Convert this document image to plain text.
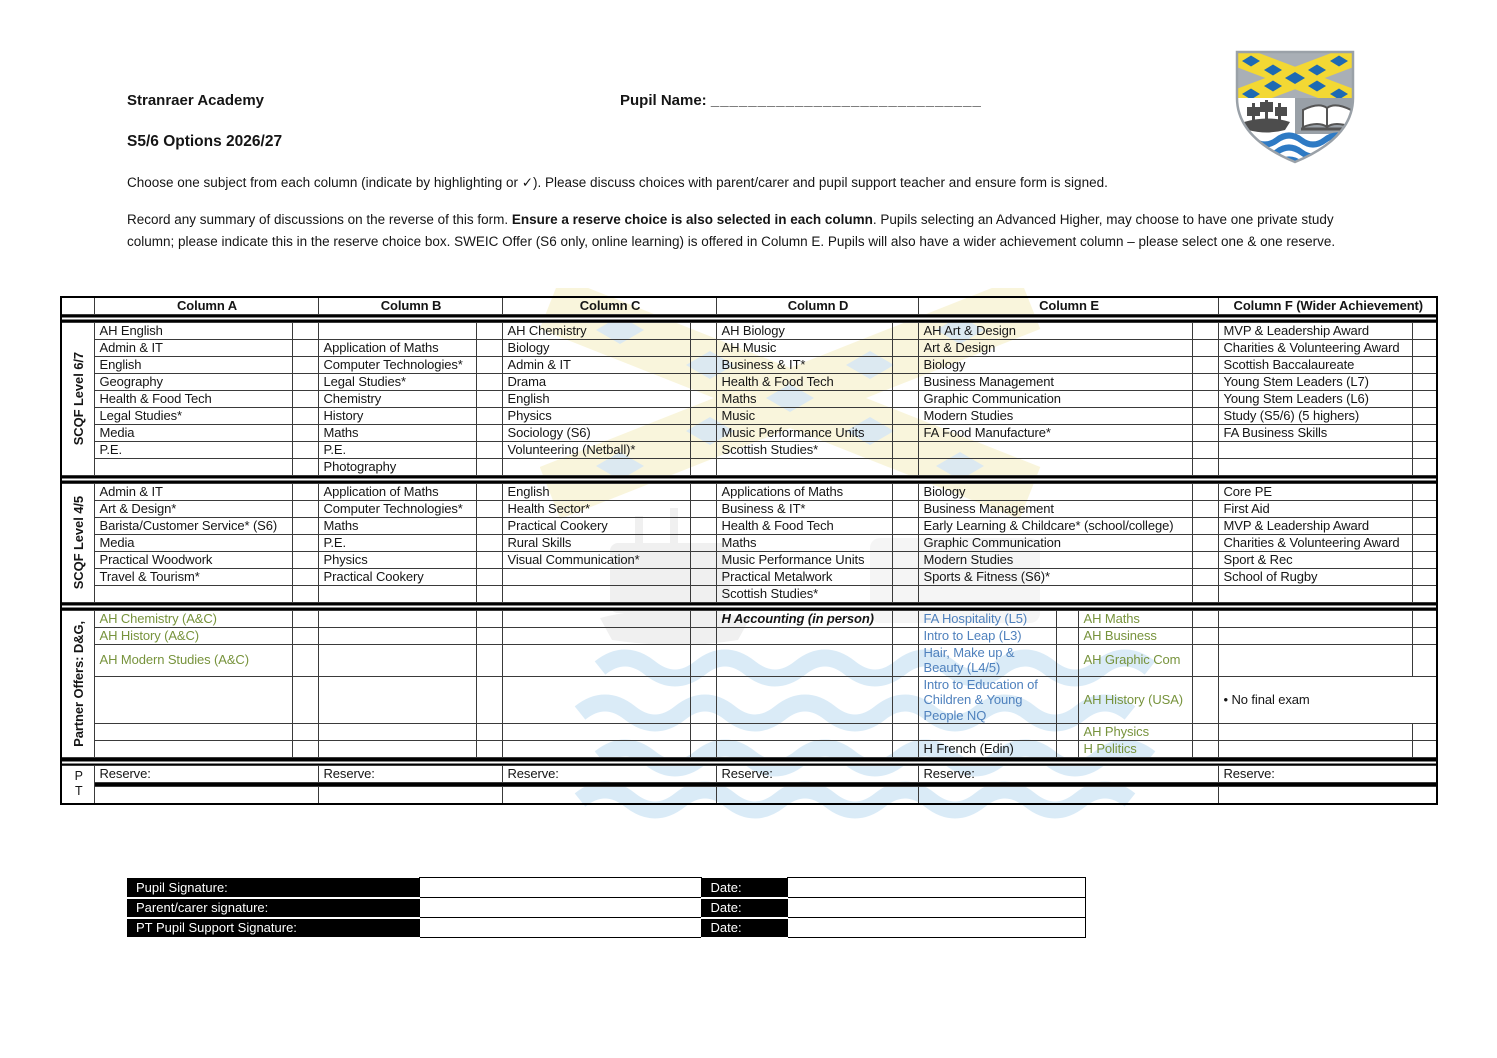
Stranraer Academy	Pupil Name: _____________________________
S5/6 Options 2026/27
Choose one subject from each column (indicate by highlighting or ✓). Please discuss choices with parent/carer and pupil support teacher and ensure form is signed.
Record any summary of discussions on the reverse of this form. Ensure a reserve choice is also selected in each column. Pupils selecting an Advanced Higher, may choose to have one private study column; please indicate this in the reserve choice box. SWEIC Offer (S6 only, online learning) is offered in Column E. Pupils will also have a wider achievement column – please select one & one reserve.
	Column A		Column B		Column C		Column D		Column E				Column F (Wider Achievement)	

SCQF Level 6/7	AH English				AH Chemistry		AH Biology		AH Art & Design				MVP & Leadership Award	
	Admin & IT		Application of Maths		Biology		AH Music		Art & Design				Charities & Volunteering Award	
	English		Computer Technologies*		Admin & IT		Business & IT*		Biology				Scottish Baccalaureate	
	Geography		Legal Studies*		Drama		Health & Food Tech		Business Management				Young Stem Leaders (L7)	
	Health & Food Tech		Chemistry		English		Maths		Graphic Communication				Young Stem Leaders (L6)	
	Legal Studies*		History		Physics		Music		Modern Studies				Study (S5/6) (5 highers)	
	Media		Maths		Sociology (S6)		Music Performance Units		FA Food Manufacture*				FA Business Skills	
	P.E.		P.E.		Volunteering (Netball)*		Scottish Studies*							
			Photography											

SCQF Level 4/5	Admin & IT		Application of Maths		English		Applications of Maths		Biology				Core PE	
	Art & Design*		Computer Technologies*		Health Sector*		Business & IT*		Business Management				First Aid	
	Barista/Customer Service* (S6)		Maths		Practical Cookery		Health & Food Tech		Early Learning & Childcare* (school/college)				MVP & Leadership Award	
	Media		P.E.		Rural Skills		Maths		Graphic Communication				Charities & Volunteering Award	
	Practical Woodwork		Physics		Visual Communication*		Music Performance Units		Modern Studies				Sport & Rec	
	Travel & Tourism*		Practical Cookery				Practical Metalwork		Sports & Fitness (S6)*				School of Rugby	
							Scottish Studies*							

Partner Offers: D&G,	AH Chemistry (A&C)						H Accounting (in person)		FA Hospitality (L5)		AH Maths			
	AH History (A&C)								Intro to Leap (L3)		AH Business			
	AH Modern Studies (A&C)								Hair, Make up & Beauty (L4/5)		AH Graphic Com			
									Intro to Education of Children & Young People NQ		AH History (USA)		• No final exam	
											AH Physics			
									H French (Edin)		H Politics			

PT	Reserve:		Reserve:		Reserve:		Reserve:		Reserve:				Reserve:	

Pupil Signature:		Date:	
Parent/carer signature:		Date:	
PT Pupil Support Signature:		Date:	
